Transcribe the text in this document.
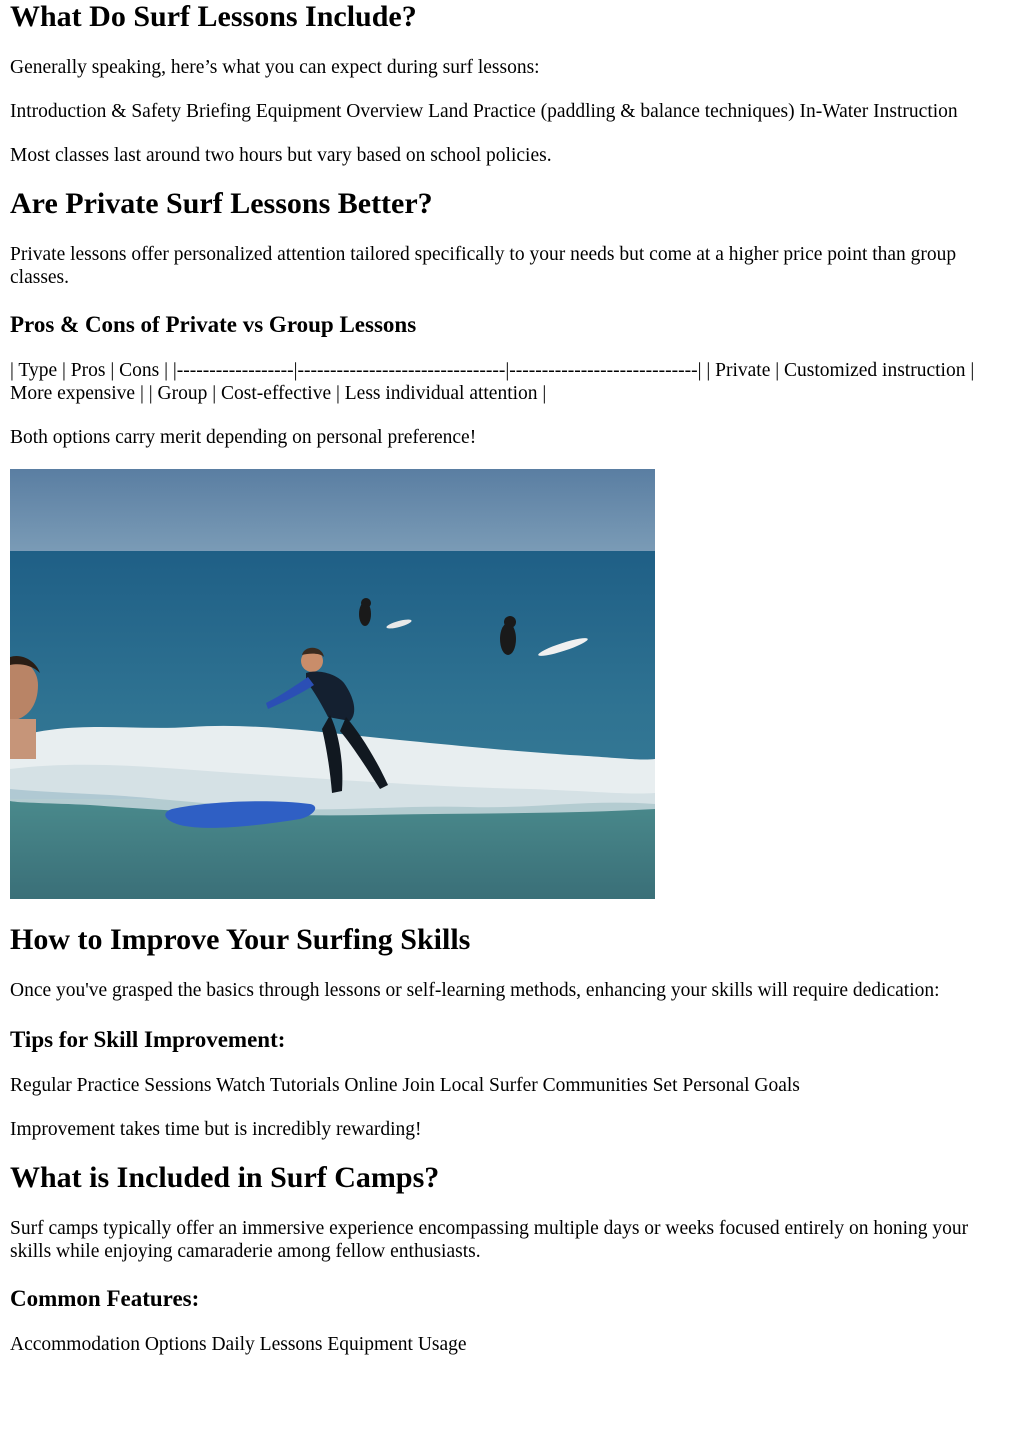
What Do Surf Lessons Include?

Generally speaking, here’s what you can expect during surf lessons:

Introduction & Safety Briefing Equipment Overview Land Practice (paddling & balance techniques) In-Water Instruction

Most classes last around two hours but vary based on school policies.

Are Private Surf Lessons Better?

Private lessons offer personalized attention tailored specifically to your needs but come at a higher price point than group classes.

Pros & Cons of Private vs Group Lessons

| Type | Pros | Cons | |------------------|--------------------------------|-----------------------------| | Private | Customized instruction | More expensive | | Group | Cost-effective | Less individual attention |

Both options carry merit depending on personal preference!

How to Improve Your Surfing Skills

Once you've grasped the basics through lessons or self-learning methods, enhancing your skills will require dedication:

Tips for Skill Improvement:

Regular Practice Sessions Watch Tutorials Online Join Local Surfer Communities Set Personal Goals

Improvement takes time but is incredibly rewarding!

What is Included in Surf Camps?

Surf camps typically offer an immersive experience encompassing multiple days or weeks focused entirely on honing your skills while enjoying camaraderie among fellow enthusiasts.

Common Features:

Accommodation Options Daily Lessons Equipment Usage
